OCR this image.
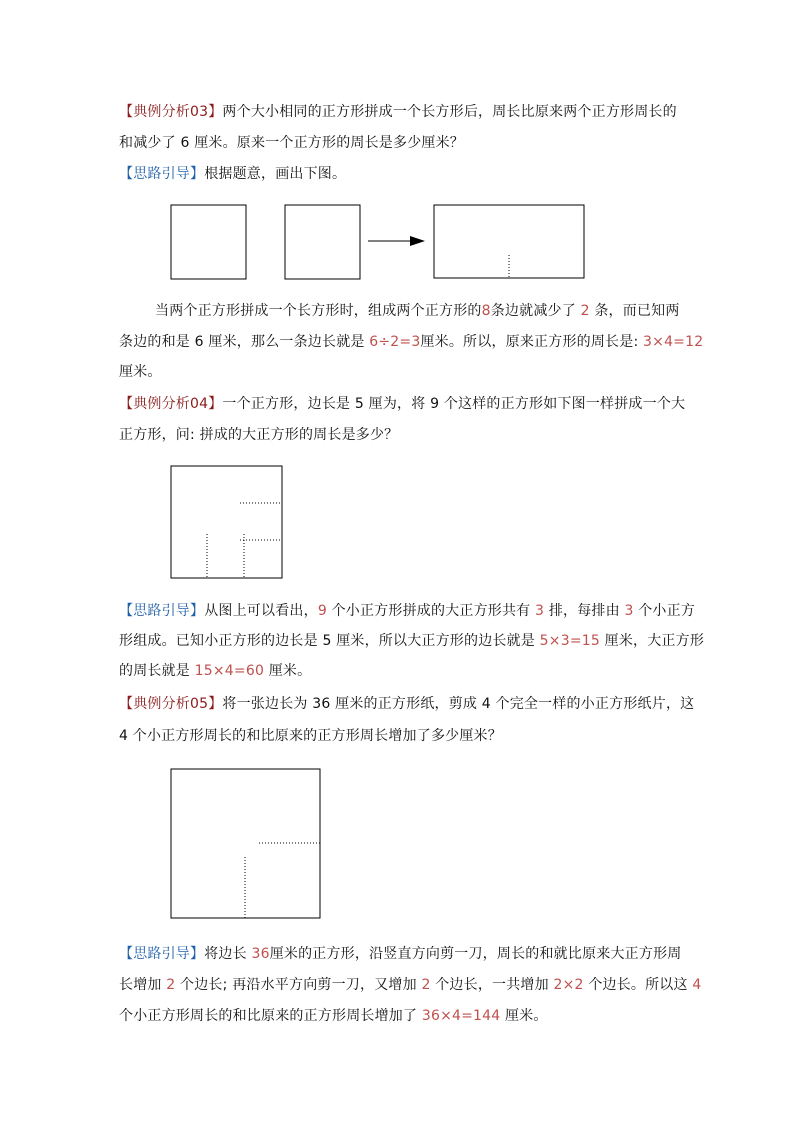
【典例分析03】两个大小相同的正方形拼成一个长方形后，周长比原来两个正方形周长的
和减少了 6 厘米。原来一个正方形的周长是多少厘米？
【思路引导】根据题意，画出下图。
当两个正方形拼成一个长方形时，组成两个正方形的8条边就减少了 2 条，而已知两
条边的和是 6 厘米，那么一条边长就是 6÷2=3厘米。所以，原来正方形的周长是: 3×4=12
厘米。
【典例分析04】一个正方形，边长是 5 厘为，将 9 个这样的正方形如下图一样拼成一个大
正方形，问: 拼成的大正方形的周长是多少？
【思路引导】从图上可以看出，9 个小正方形拼成的大正方形共有 3 排，每排由 3 个小正方
形组成。已知小正方形的边长是 5 厘米，所以大正方形的边长就是 5×3=15 厘米，大正方形
的周长就是 15×4=60 厘米。
【典例分析05】将一张边长为 36 厘米的正方形纸，剪成 4 个完全一样的小正方形纸片，这
4 个小正方形周长的和比原来的正方形周长增加了多少厘米？
【思路引导】将边长 36厘米的正方形，沿竖直方向剪一刀，周长的和就比原来大正方形周
长增加 2 个边长; 再沿水平方向剪一刀，又增加 2 个边长，一共增加 2×2 个边长。所以这 4
个小正方形周长的和比原来的正方形周长增加了 36×4=144 厘米。
